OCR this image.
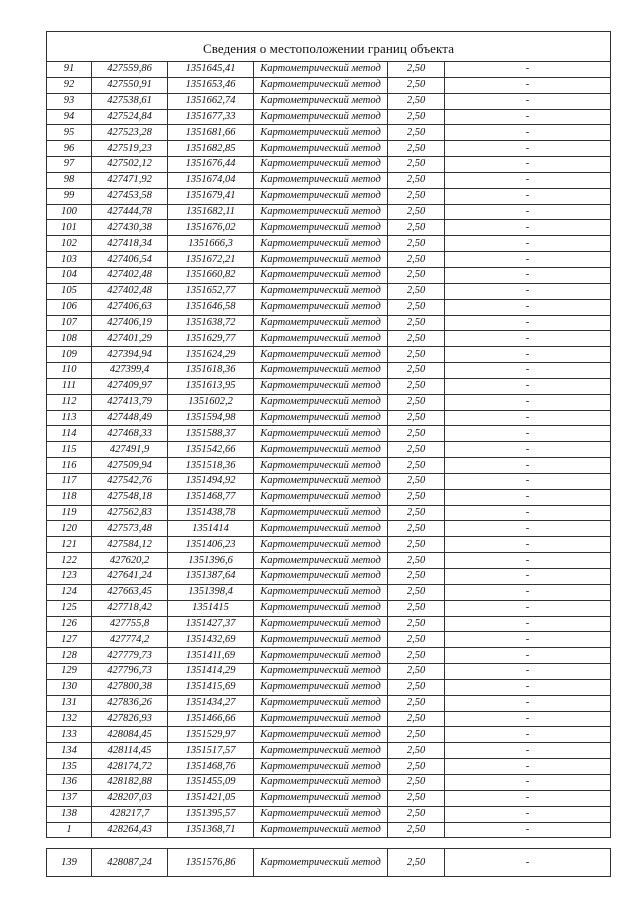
Сведения о местоположении границ объекта					
91	427559,86	1351645,41	Картометрический метод	2,50	-
92	427550,91	1351653,46	Картометрический метод	2,50	-
93	427538,61	1351662,74	Картометрический метод	2,50	-
94	427524,84	1351677,33	Картометрический метод	2,50	-
95	427523,28	1351681,66	Картометрический метод	2,50	-
96	427519,23	1351682,85	Картометрический метод	2,50	-
97	427502,12	1351676,44	Картометрический метод	2,50	-
98	427471,92	1351674,04	Картометрический метод	2,50	-
99	427453,58	1351679,41	Картометрический метод	2,50	-
100	427444,78	1351682,11	Картометрический метод	2,50	-
101	427430,38	1351676,02	Картометрический метод	2,50	-
102	427418,34	1351666,3	Картометрический метод	2,50	-
103	427406,54	1351672,21	Картометрический метод	2,50	-
104	427402,48	1351660,82	Картометрический метод	2,50	-
105	427402,48	1351652,77	Картометрический метод	2,50	-
106	427406,63	1351646,58	Картометрический метод	2,50	-
107	427406,19	1351638,72	Картометрический метод	2,50	-
108	427401,29	1351629,77	Картометрический метод	2,50	-
109	427394,94	1351624,29	Картометрический метод	2,50	-
110	427399,4	1351618,36	Картометрический метод	2,50	-
111	427409,97	1351613,95	Картометрический метод	2,50	-
112	427413,79	1351602,2	Картометрический метод	2,50	-
113	427448,49	1351594,98	Картометрический метод	2,50	-
114	427468,33	1351588,37	Картометрический метод	2,50	-
115	427491,9	1351542,66	Картометрический метод	2,50	-
116	427509,94	1351518,36	Картометрический метод	2,50	-
117	427542,76	1351494,92	Картометрический метод	2,50	-
118	427548,18	1351468,77	Картометрический метод	2,50	-
119	427562,83	1351438,78	Картометрический метод	2,50	-
120	427573,48	1351414	Картометрический метод	2,50	-
121	427584,12	1351406,23	Картометрический метод	2,50	-
122	427620,2	1351396,6	Картометрический метод	2,50	-
123	427641,24	1351387,64	Картометрический метод	2,50	-
124	427663,45	1351398,4	Картометрический метод	2,50	-
125	427718,42	1351415	Картометрический метод	2,50	-
126	427755,8	1351427,37	Картометрический метод	2,50	-
127	427774,2	1351432,69	Картометрический метод	2,50	-
128	427779,73	1351411,69	Картометрический метод	2,50	-
129	427796,73	1351414,29	Картометрический метод	2,50	-
130	427800,38	1351415,69	Картометрический метод	2,50	-
131	427836,26	1351434,27	Картометрический метод	2,50	-
132	427826,93	1351466,66	Картометрический метод	2,50	-
133	428084,45	1351529,97	Картометрический метод	2,50	-
134	428114,45	1351517,57	Картометрический метод	2,50	-
135	428174,72	1351468,76	Картометрический метод	2,50	-
136	428182,88	1351455,09	Картометрический метод	2,50	-
137	428207,03	1351421,05	Картометрический метод	2,50	-
138	428217,7	1351395,57	Картометрический метод	2,50	-
1	428264,43	1351368,71	Картометрический метод	2,50	-

139	428087,24	1351576,86	Картометрический метод	2,50	-
